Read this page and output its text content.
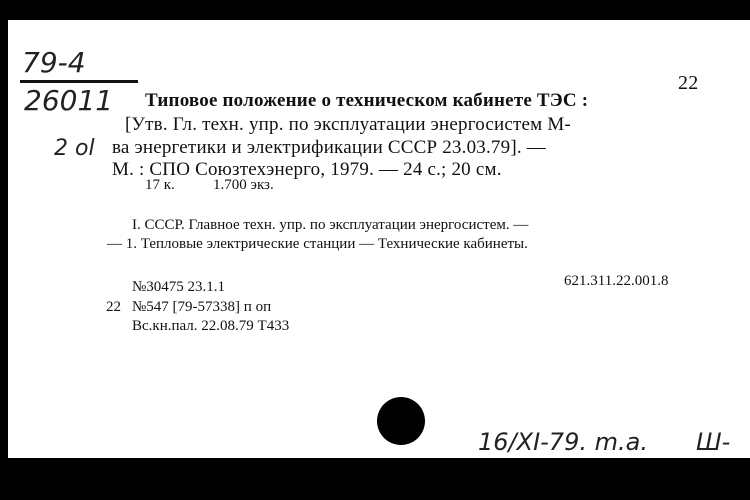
79-4
26011
2 ol

22

Типовое положение о техническом кабинете ТЭС :

[Утв. Гл. техн. упр. по эксплуатации энергосистем М-

ва энергетики и электрификации СССР 23.03.79]. —

М. : СПО Союзтехэнерго, 1979. — 24 с.; 20 см.

17 к.	1.700 экз.

I. СССР. Главное техн. упр. по эксплуатации энергосистем. —

— 1. Тепловые электрические станции — Технические кабинеты.

621.311.22.001.8

№30475 23.1.1

22 №547 [79-57338] п оп

Вс.кн.пал. 22.08.79 Т433

16/XI-79. m.a. Ш-
